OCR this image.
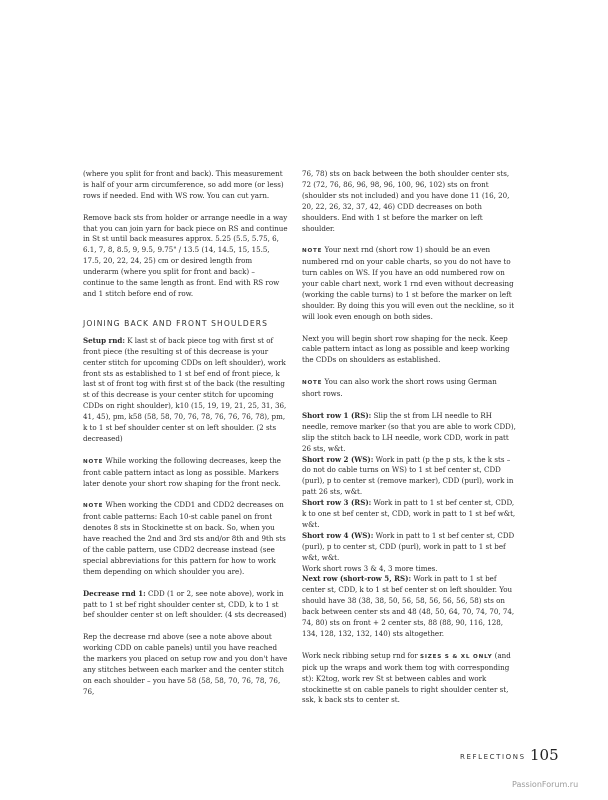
(where you split for front and back). This measurement is half of your arm circumference, so add more (or less) rows if needed. End with WS row. You can cut yarn.

Remove back sts from holder or arrange needle in a way that you can join yarn for back piece on RS and continue in St st until back measures approx. 5.25 (5.5, 5.75, 6, 6.1, 7, 8, 8.5, 9, 9.5, 9.75" / 13.5 (14, 14.5, 15, 15.5, 17.5, 20, 22, 24, 25) cm or desired length from underarm (where you split for front and back) – continue to the same length as front. End with RS row and 1 stitch before end of row.

JOINING BACK AND FRONT SHOULDERS

Setup rnd: K last st of back piece tog with first st of front piece (the resulting st of this decrease is your center stitch for upcoming CDDs on left shoulder), work front sts as established to 1 st bef end of front piece, k last st of front tog with first st of the back (the resulting st of this decrease is your center stitch for upcoming CDDs on right shoulder), k10 (15, 19, 19, 21, 25, 31, 36, 41, 45), pm, k58 (58, 58, 70, 76, 78, 76, 76, 76, 78), pm, k to 1 st bef shoulder center st on left shoulder. (2 sts decreased)

NOTE While working the following decreases, keep the front cable pattern intact as long as possible. Markers later denote your short row shaping for the front neck.

NOTE When working the CDD1 and CDD2 decreases on front cable patterns: Each 10-st cable panel on front denotes 8 sts in Stockinette st on back. So, when you have reached the 2nd and 3rd sts and/or 8th and 9th sts of the cable pattern, use CDD2 decrease instead (see special abbreviations for this pattern for how to work them depending on which shoulder you are).

Decrease rnd 1: CDD (1 or 2, see note above), work in patt to 1 st bef right shoulder center st, CDD, k to 1 st bef shoulder center st on left shoulder. (4 sts decreased)

Rep the decrease rnd above (see a note above about working CDD on cable panels) until you have reached the markers you placed on setup row and you don't have any stitches between each marker and the center stitch on each shoulder – you have 58 (58, 58, 70, 76, 78, 76, 76,

76, 78) sts on back between the both shoulder center sts, 72 (72, 76, 86, 96, 98, 96, 100, 96, 102) sts on front (shoulder sts not included) and you have done 11 (16, 20, 20, 22, 26, 32, 37, 42, 46) CDD decreases on both shoulders. End with 1 st before the marker on left shoulder.

NOTE Your next rnd (short row 1) should be an even numbered rnd on your cable charts, so you do not have to turn cables on WS. If you have an odd numbered row on your cable chart next, work 1 rnd even without decreasing (working the cable turns) to 1 st before the marker on left shoulder. By doing this you will even out the neckline, so it will look even enough on both sides.

Next you will begin short row shaping for the neck. Keep cable pattern intact as long as possible and keep working the CDDs on shoulders as established.

NOTE You can also work the short rows using German short rows.

Short row 1 (RS): Slip the st from LH needle to RH needle, remove marker (so that you are able to work CDD), slip the stitch back to LH needle, work CDD, work in patt 26 sts, w&t.

Short row 2 (WS): Work in patt (p the p sts, k the k sts – do not do cable turns on WS) to 1 st bef center st, CDD (purl), p to center st (remove marker), CDD (purl), work in patt 26 sts, w&t.

Short row 3 (RS): Work in patt to 1 st bef center st, CDD, k to one st bef center st, CDD, work in patt to 1 st bef w&t, w&t.

Short row 4 (WS): Work in patt to 1 st bef center st, CDD (purl), p to center st, CDD (purl), work in patt to 1 st bef w&t, w&t.

Work short rows 3 & 4, 3 more times.

Next row (short-row 5, RS): Work in patt to 1 st bef center st, CDD, k to 1 st bef center st on left shoulder. You should have 38 (38, 38, 50, 56, 58, 56, 56, 56, 58) sts on back between center sts and 48 (48, 50, 64, 70, 74, 70, 74, 74, 80) sts on front + 2 center sts, 88 (88, 90, 116, 128, 134, 128, 132, 132, 140) sts altogether.

Work neck ribbing setup rnd for SIZES S & XL ONLY (and pick up the wraps and work them tog with corresponding st): K2tog, work rev St st between cables and work stockinette st on cable panels to right shoulder center st, ssk, k back sts to center st.

REFLECTIONS 105
PassionForum.ru
